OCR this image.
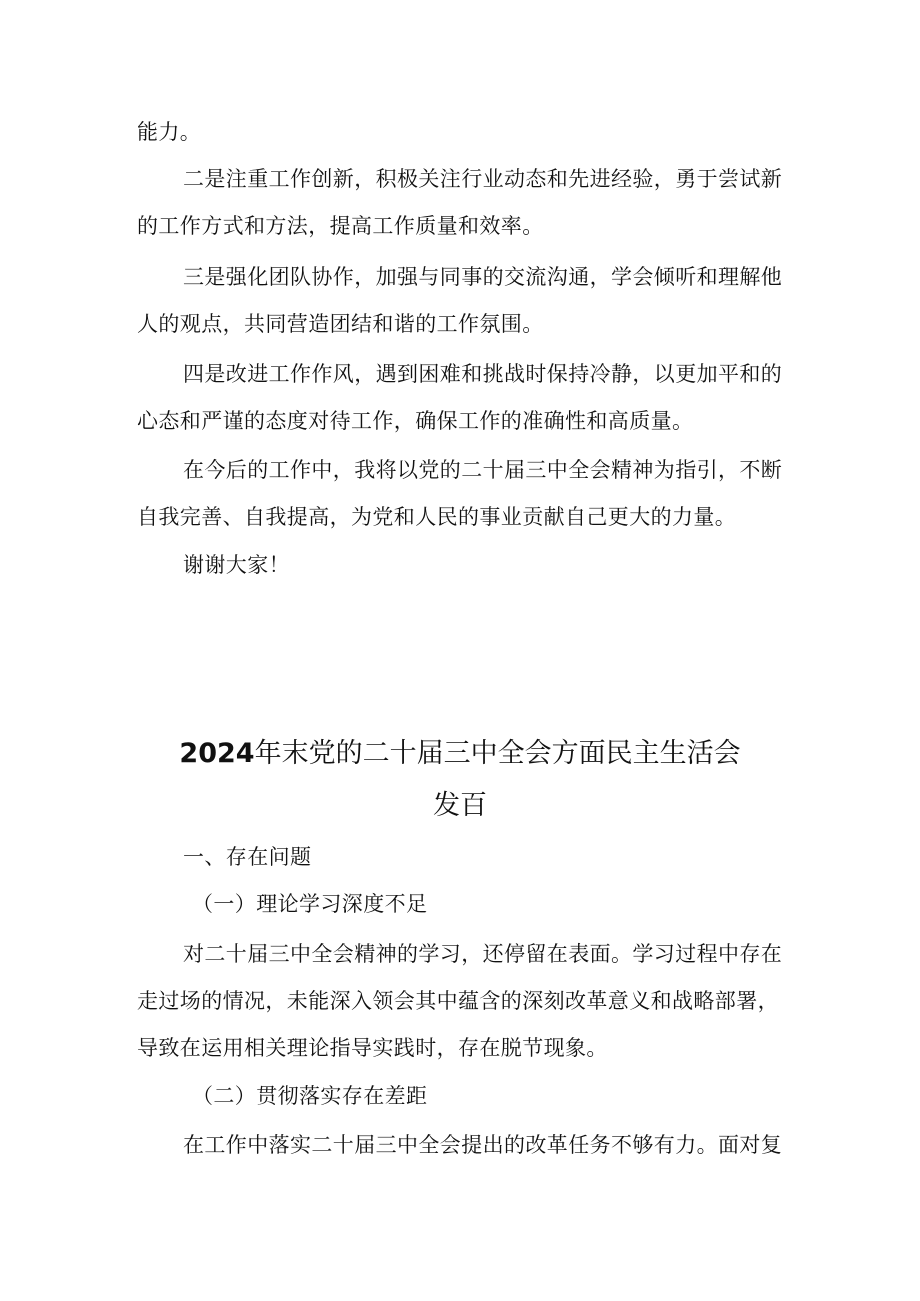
能力。
二是注重工作创新，积极关注行业动态和先进经验，勇于尝试新
的工作方式和方法，提高工作质量和效率。
三是强化团队协作，加强与同事的交流沟通，学会倾听和理解他
人的观点，共同营造团结和谐的工作氛围。
四是改进工作作风，遇到困难和挑战时保持冷静，以更加平和的
心态和严谨的态度对待工作，确保工作的准确性和高质量。
在今后的工作中，我将以党的二十届三中全会精神为指引，不断
自我完善、自我提高，为党和人民的事业贡献自己更大的力量。
谢谢大家！
2024年末党的二十届三中全会方面民主生活会
发百
一、存在问题
（一）理论学习深度不足
对二十届三中全会精神的学习，还停留在表面。学习过程中存在
走过场的情况，未能深入领会其中蕴含的深刻改革意义和战略部署，
导致在运用相关理论指导实践时，存在脱节现象。
（二）贯彻落实存在差距
在工作中落实二十届三中全会提出的改革任务不够有力。面对复
